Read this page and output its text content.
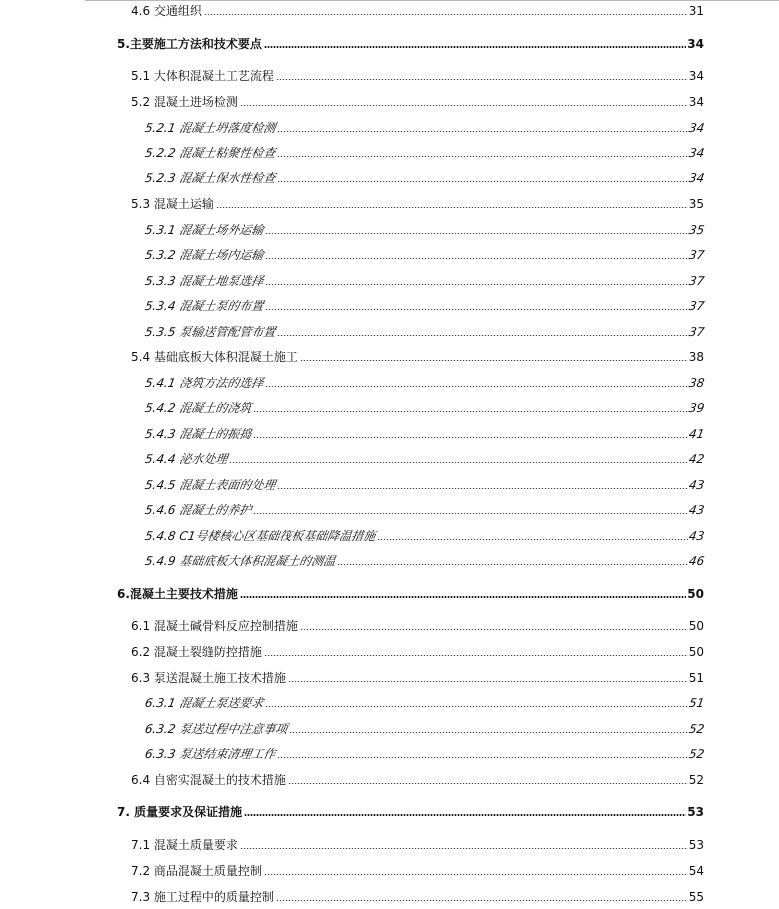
4.6 交通组织	31
5.主要施工方法和技术要点	34
5.1 大体积混凝土工艺流程	34
5.2 混凝土进场检测	34
5.2.1 混凝土坍落度检测	34
5.2.2 混凝土粘聚性检查	34
5.2.3 混凝土保水性检查	34
5.3 混凝土运输	35
5.3.1 混凝土场外运输	35
5.3.2 混凝土场内运输	37
5.3.3 混凝土地泵选择	37
5.3.4 混凝土泵的布置	37
5.3.5 泵输送管配管布置	37
5.4 基础底板大体积混凝土施工	38
5.4.1 浇筑方法的选择	38
5.4.2 混凝土的浇筑	39
5.4.3 混凝土的振捣	41
5.4.4 泌水处理	42
5.4.5 混凝土表面的处理	43
5.4.6 混凝土的养护	43
5.4.8 C1号楼核心区基础筏板基础降温措施	43
5.4.9 基础底板大体积混凝土的测温	46
6.混凝土主要技术措施	50
6.1 混凝土碱骨料反应控制措施	50
6.2 混凝土裂缝防控措施	50
6.3 泵送混凝土施工技术措施	51
6.3.1 混凝土泵送要求	51
6.3.2 泵送过程中注意事项	52
6.3.3 泵送结束清理工作	52
6.4 自密实混凝土的技术措施	52
7. 质量要求及保证措施	53
7.1 混凝土质量要求	53
7.2 商品混凝土质量控制	54
7.3 施工过程中的质量控制	55
